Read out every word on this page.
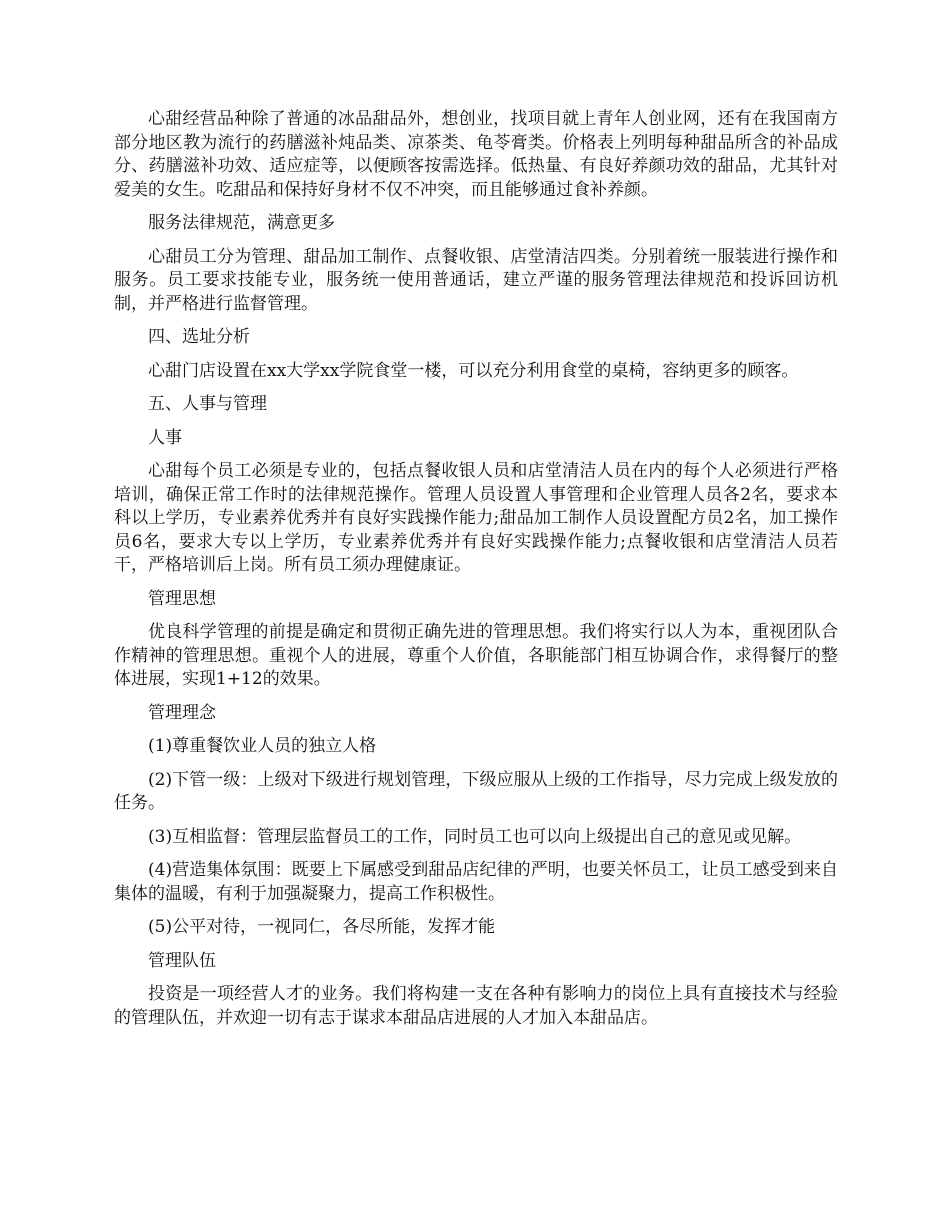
心甜经营品种除了普通的冰品甜品外，想创业，找项目就上青年人创业网，还有在我国南方部分地区教为流行的药膳滋补炖品类、凉茶类、龟苓膏类。价格表上列明每种甜品所含的补品成分、药膳滋补功效、适应症等，以便顾客按需选择。低热量、有良好养颜功效的甜品，尤其针对爱美的女生。吃甜品和保持好身材不仅不冲突，而且能够通过食补养颜。

服务法律规范，满意更多

心甜员工分为管理、甜品加工制作、点餐收银、店堂清洁四类。分别着统一服装进行操作和服务。员工要求技能专业，服务统一使用普通话，建立严谨的服务管理法律规范和投诉回访机制，并严格进行监督管理。

四、选址分析

心甜门店设置在xx大学xx学院食堂一楼，可以充分利用食堂的桌椅，容纳更多的顾客。

五、人事与管理

人事

心甜每个员工必须是专业的，包括点餐收银人员和店堂清洁人员在内的每个人必须进行严格培训，确保正常工作时的法律规范操作。管理人员设置人事管理和企业管理人员各2名，要求本科以上学历，专业素养优秀并有良好实践操作能力;甜品加工制作人员设置配方员2名，加工操作员6名，要求大专以上学历，专业素养优秀并有良好实践操作能力;点餐收银和店堂清洁人员若干，严格培训后上岗。所有员工须办理健康证。

管理思想

优良科学管理的前提是确定和贯彻正确先进的管理思想。我们将实行以人为本，重视团队合作精神的管理思想。重视个人的进展，尊重个人价值，各职能部门相互协调合作，求得餐厅的整体进展，实现1+12的效果。

管理理念

(1)尊重餐饮业人员的独立人格

(2)下管一级：上级对下级进行规划管理，下级应服从上级的工作指导，尽力完成上级发放的任务。

(3)互相监督：管理层监督员工的工作，同时员工也可以向上级提出自己的意见或见解。

(4)营造集体氛围：既要上下属感受到甜品店纪律的严明，也要关怀员工，让员工感受到来自集体的温暖，有利于加强凝聚力，提高工作积极性。

(5)公平对待，一视同仁，各尽所能，发挥才能

管理队伍

投资是一项经营人才的业务。我们将构建一支在各种有影响力的岗位上具有直接技术与经验的管理队伍，并欢迎一切有志于谋求本甜品店进展的人才加入本甜品店。
